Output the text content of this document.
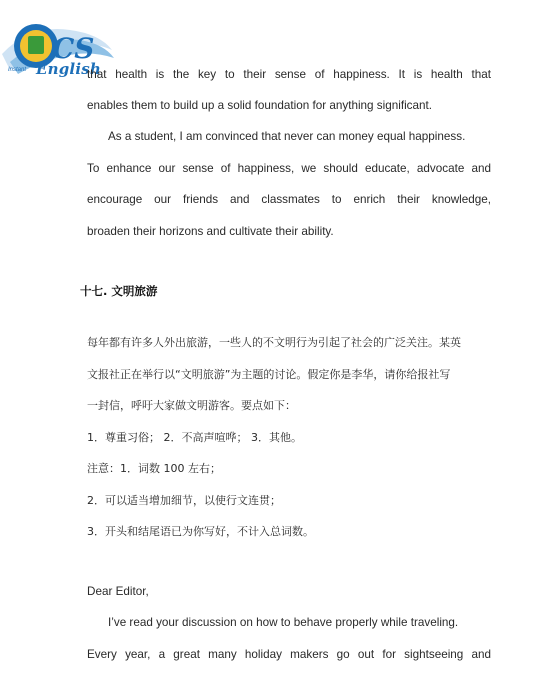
CS
Instant English
that health is the key to their sense of happiness. It is health that
enables them to build up a solid foundation for anything significant.
As a student, I am convinced that never can money equal happiness.
To enhance our sense of happiness, we should educate, advocate and
encourage our friends and classmates to enrich their knowledge,
broaden their horizons and cultivate their ability.
十七. 文明旅游
每年都有许多人外出旅游，一些人的不文明行为引起了社会的广泛关注。某英
文报社正在举行以“文明旅游”为主题的讨论。假定你是李华，请你给报社写
一封信，呼吁大家做文明游客。要点如下：
1．尊重习俗； 2．不高声喧哗； 3．其他。
注意：1．词数 100 左右；
2．可以适当增加细节，以使行文连贯；
3．开头和结尾语已为你写好，不计入总词数。
Dear Editor,
I’ve read your discussion on how to behave properly while traveling.
Every year, a great many holiday makers go out for sightseeing and
